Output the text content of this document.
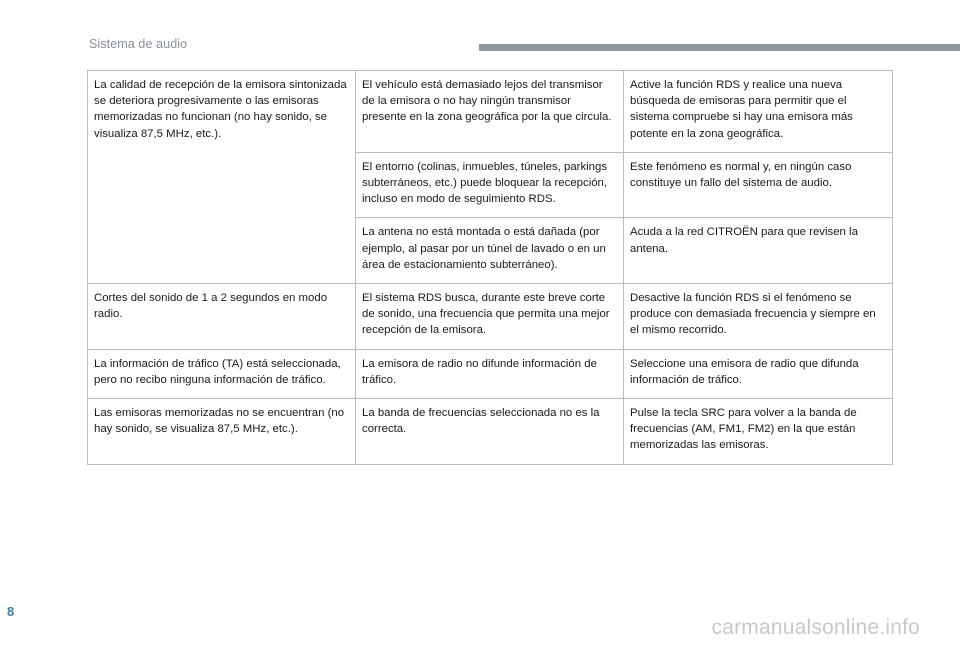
Sistema de audio
La calidad de recepción de la emisora sintonizada se deteriora progresivamente o las emisoras memorizadas no funcionan (no hay sonido, se visualiza 87,5 MHz, etc.).	El vehículo está demasiado lejos del transmisor de la emisora o no hay ningún transmisor presente en la zona geográfica por la que circula.	Active la función RDS y realice una nueva búsqueda de emisoras para permitir que el sistema compruebe si hay una emisora más potente en la zona geográfica.
	El entorno (colinas, inmuebles, túneles, parkings subterráneos, etc.) puede bloquear la recepción, incluso en modo de seguimiento RDS.	Este fenómeno es normal y, en ningún caso constituye un fallo del sistema de audio.
	La antena no está montada o está dañada (por ejemplo, al pasar por un túnel de lavado o en un área de estacionamiento subterráneo).	Acuda a la red CITROËN para que revisen la antena.
Cortes del sonido de 1 a 2 segundos en modo radio.	El sistema RDS busca, durante este breve corte de sonido, una frecuencia que permita una mejor recepción de la emisora.	Desactive la función RDS si el fenómeno se produce con demasiada frecuencia y siempre en el mismo recorrido.
La información de tráfico (TA) está seleccionada, pero no recibo ninguna información de tráfico.	La emisora de radio no difunde información de tráfico.	Seleccione una emisora de radio que difunda información de tráfico.
Las emisoras memorizadas no se encuentran (no hay sonido, se visualiza 87,5 MHz, etc.).	La banda de frecuencias seleccionada no es la correcta.	Pulse la tecla SRC para volver a la banda de frecuencias (AM, FM1, FM2) en la que están memorizadas las emisoras.
8
carmanualsonline.info
